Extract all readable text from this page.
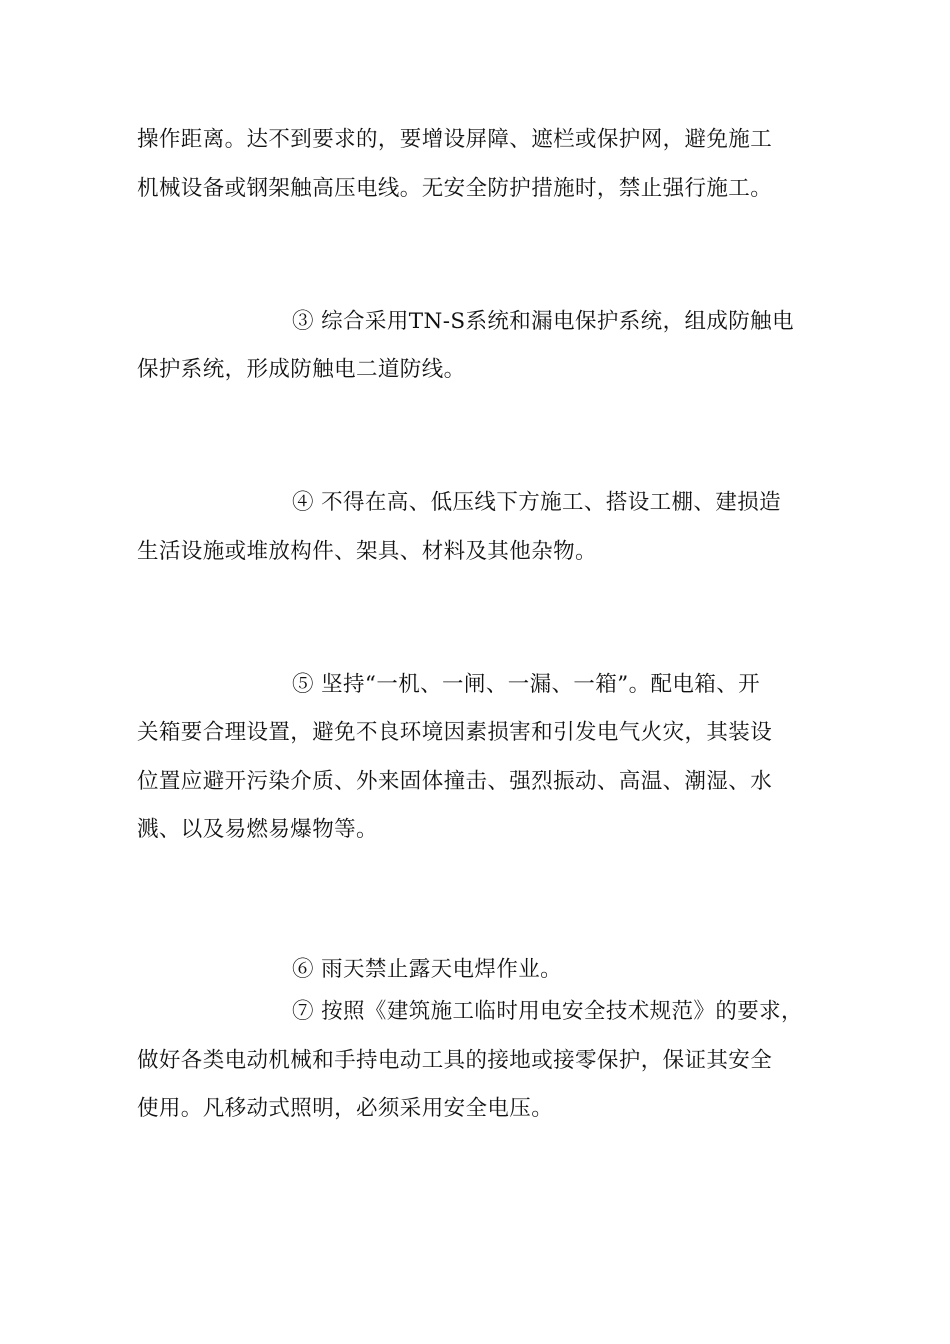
操作距离。达不到要求的，要增设屏障、遮栏或保护网，避免施工
机械设备或钢架触高压电线。无安全防护措施时，禁止强行施工。
③ 综合采用TN-S系统和漏电保护系统，组成防触电
保护系统，形成防触电二道防线。
④ 不得在高、低压线下方施工、搭设工棚、建损造
生活设施或堆放构件、架具、材料及其他杂物。
⑤ 坚持“一机、一闸、一漏、一箱”。配电箱、开
关箱要合理设置，避免不良环境因素损害和引发电气火灾，其装设
位置应避开污染介质、外来固体撞击、强烈振动、高温、潮湿、水
溅、以及易燃易爆物等。
⑥ 雨天禁止露天电焊作业。
⑦ 按照《建筑施工临时用电安全技术规范》的要求，
做好各类电动机械和手持电动工具的接地或接零保护，保证其安全
使用。凡移动式照明，必须采用安全电压。
